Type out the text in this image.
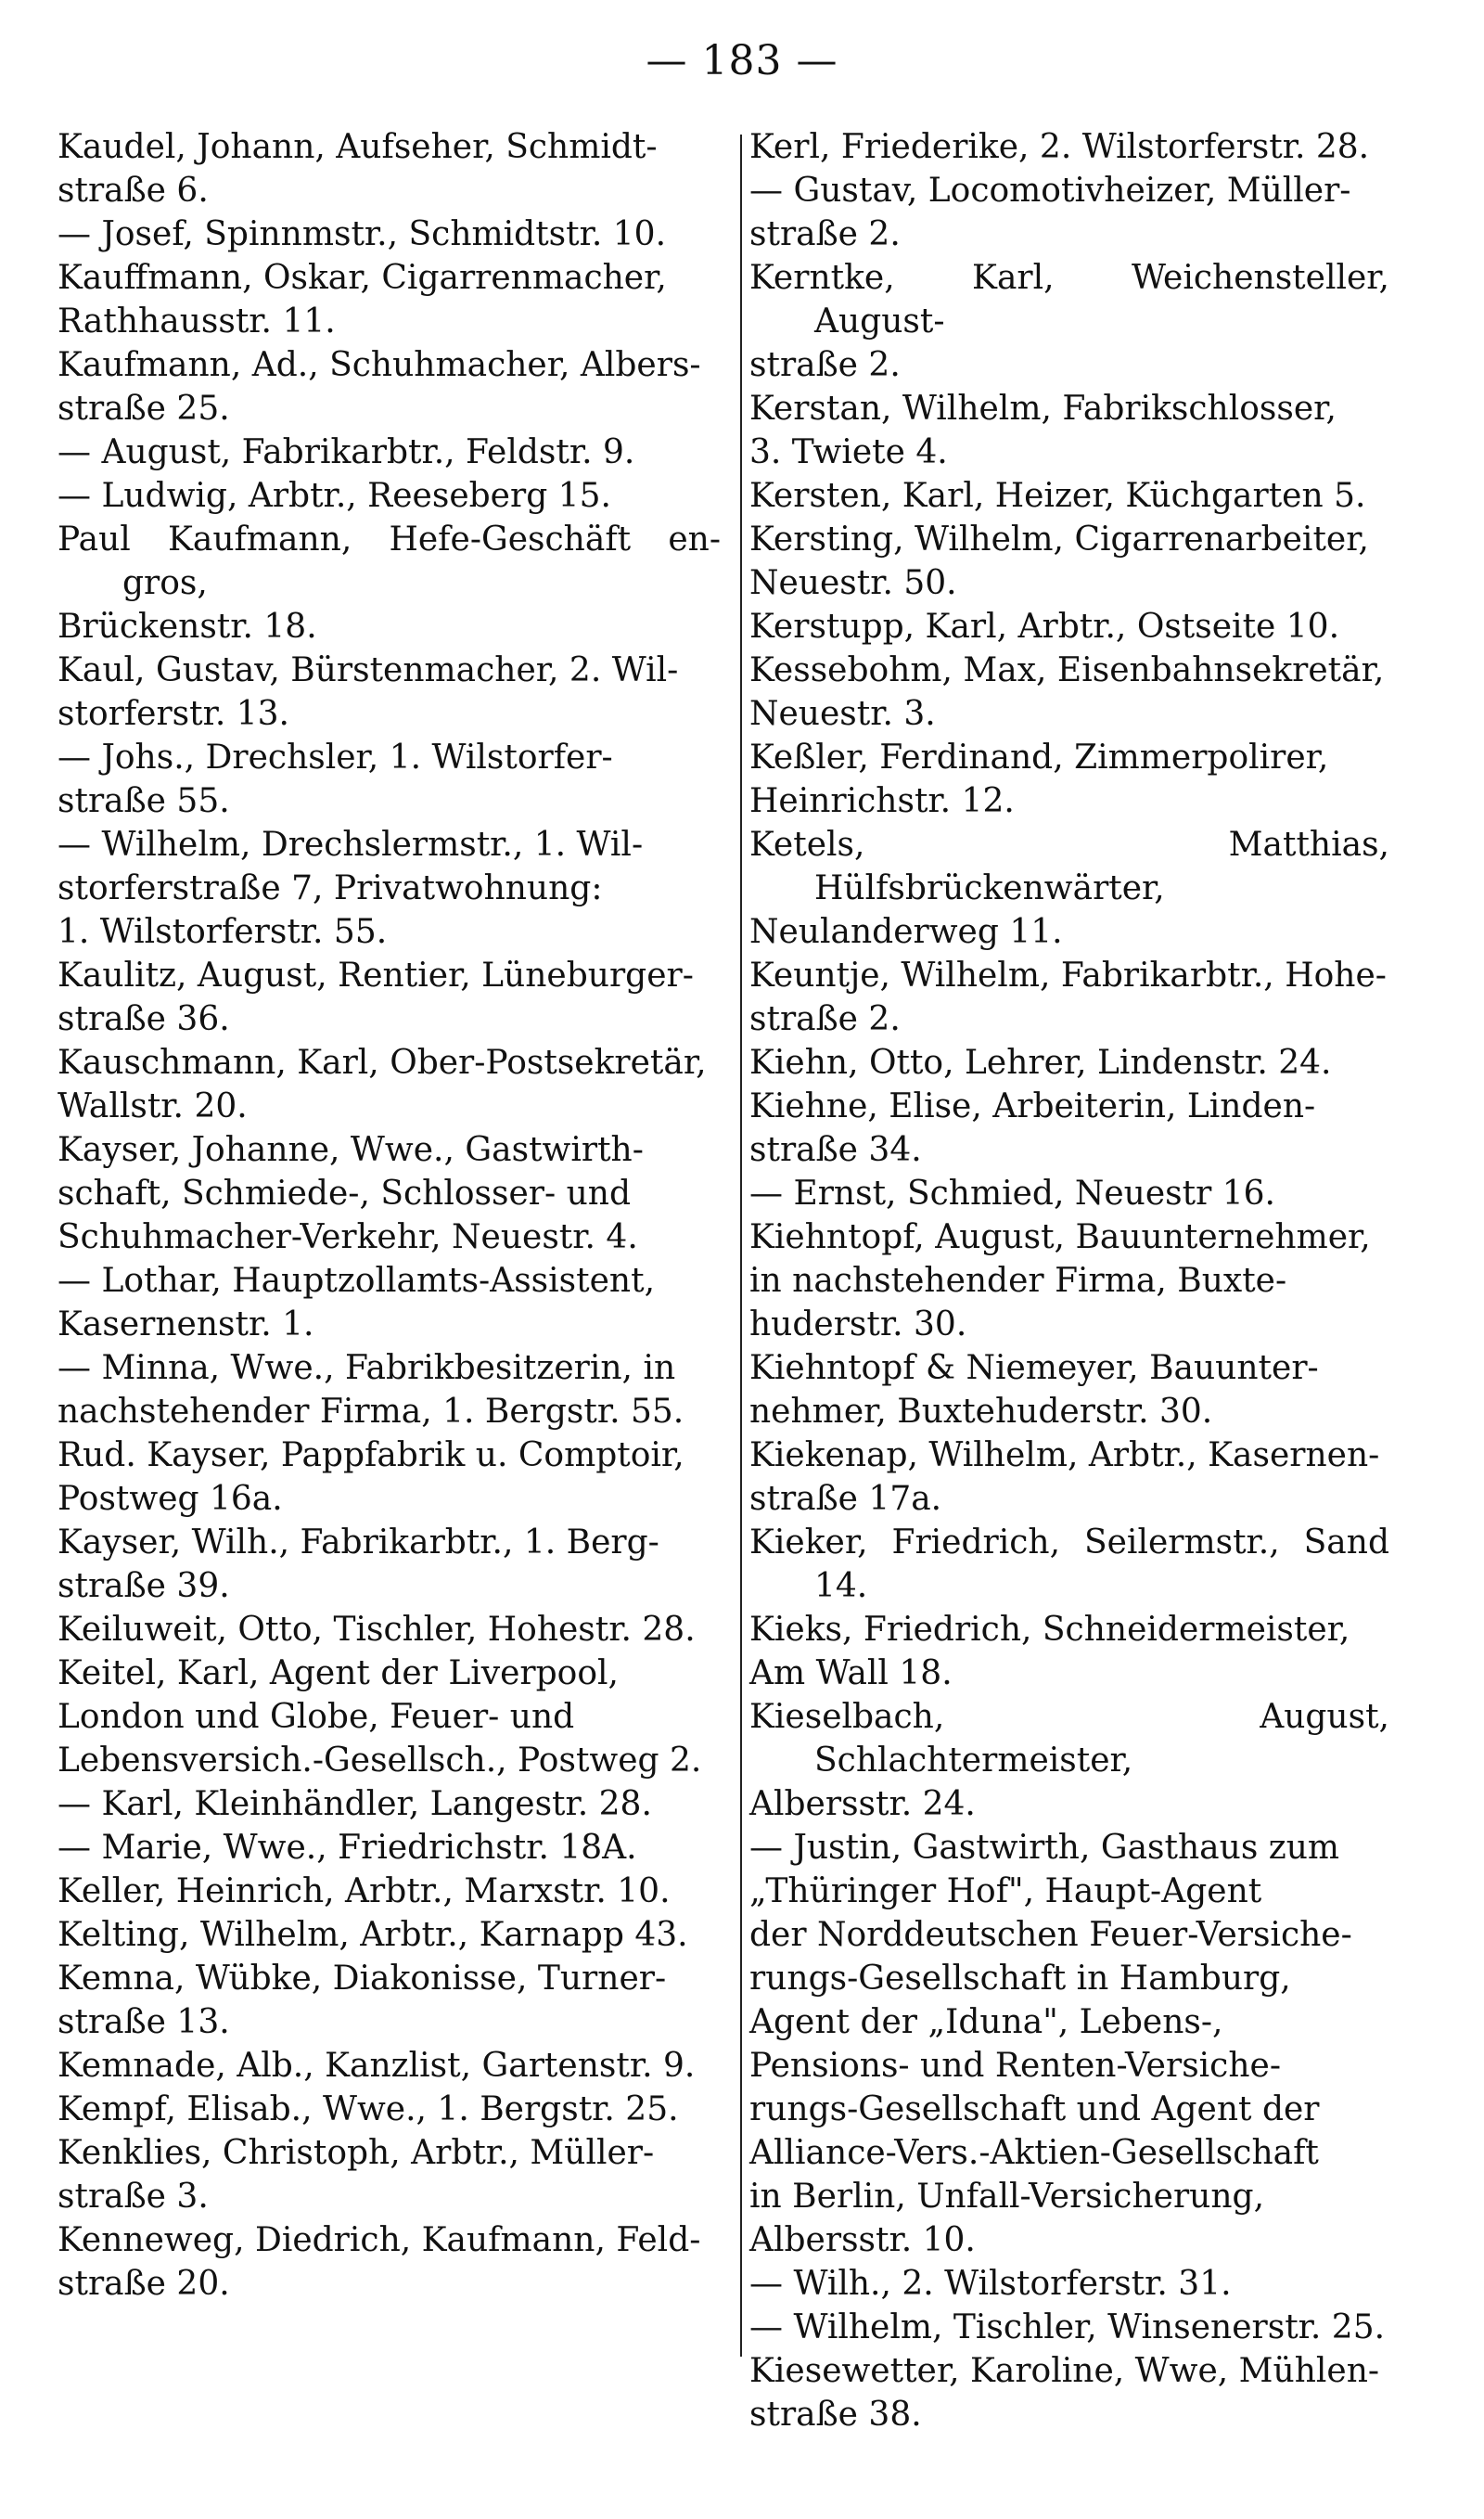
— 183 —

Kaudel, Johann, Aufseher, Schmidt-
straße 6.

— Josef, Spinnmstr., Schmidtstr. 10.

Kauffmann, Oskar, Cigarrenmacher,
Rathhausstr. 11.

Kaufmann, Ad., Schuhmacher, Albers-
straße 25.

— August, Fabrikarbtr., Feldstr. 9.

— Ludwig, Arbtr., Reeseberg 15.

Paul Kaufmann, Hefe-Geschäft en-gros,
Brückenstr. 18.

Kaul, Gustav, Bürstenmacher, 2. Wil-
storferstr. 13.

— Johs., Drechsler, 1. Wilstorfer-
straße 55.

— Wilhelm, Drechslermstr., 1. Wil-
storferstraße 7, Privatwohnung:
1. Wilstorferstr. 55.

Kaulitz, August, Rentier, Lüneburger-
straße 36.

Kauschmann, Karl, Ober-Postsekretär,
Wallstr. 20.

Kayser, Johanne, Wwe., Gastwirth-
schaft, Schmiede-, Schlosser- und
Schuhmacher-Verkehr, Neuestr. 4.

— Lothar, Hauptzollamts-Assistent,
Kasernenstr. 1.

— Minna, Wwe., Fabrikbesitzerin, in
nachstehender Firma, 1. Bergstr. 55.

Rud. Kayser, Pappfabrik u. Comptoir,
Postweg 16a.

Kayser, Wilh., Fabrikarbtr., 1. Berg-
straße 39.

Keiluweit, Otto, Tischler, Hohestr. 28.

Keitel, Karl, Agent der Liverpool,
London und Globe, Feuer- und
Lebensversich.-Gesellsch., Postweg 2.

— Karl, Kleinhändler, Langestr. 28.

— Marie, Wwe., Friedrichstr. 18A.

Keller, Heinrich, Arbtr., Marxstr. 10.

Kelting, Wilhelm, Arbtr., Karnapp 43.

Kemna, Wübke, Diakonisse, Turner-
straße 13.

Kemnade, Alb., Kanzlist, Gartenstr. 9.

Kempf, Elisab., Wwe., 1. Bergstr. 25.

Kenklies, Christoph, Arbtr., Müller-
straße 3.

Kenneweg, Diedrich, Kaufmann, Feld-
straße 20.

Kerl, Friederike, 2. Wilstorferstr. 28.

— Gustav, Locomotivheizer, Müller-
straße 2.

Kerntke, Karl, Weichensteller, August-
straße 2.

Kerstan, Wilhelm, Fabrikschlosser,
3. Twiete 4.

Kersten, Karl, Heizer, Küchgarten 5.

Kersting, Wilhelm, Cigarrenarbeiter,
Neuestr. 50.

Kerstupp, Karl, Arbtr., Ostseite 10.

Kessebohm, Max, Eisenbahnsekretär,
Neuestr. 3.

Keßler, Ferdinand, Zimmerpolirer,
Heinrichstr. 12.

Ketels, Matthias, Hülfsbrückenwärter,
Neulanderweg 11.

Keuntje, Wilhelm, Fabrikarbtr., Hohe-
straße 2.

Kiehn, Otto, Lehrer, Lindenstr. 24.

Kiehne, Elise, Arbeiterin, Linden-
straße 34.

— Ernst, Schmied, Neuestr 16.

Kiehntopf, August, Bauunternehmer,
in nachstehender Firma, Buxte-
huderstr. 30.

Kiehntopf & Niemeyer, Bauunter-
nehmer, Buxtehuderstr. 30.

Kiekenap, Wilhelm, Arbtr., Kasernen-
straße 17a.

Kieker, Friedrich, Seilermstr., Sand 14.

Kieks, Friedrich, Schneidermeister,
Am Wall 18.

Kieselbach, August, Schlachtermeister,
Albersstr. 24.

— Justin, Gastwirth, Gasthaus zum
„Thüringer Hof", Haupt-Agent
der Norddeutschen Feuer-Versiche-
rungs-Gesellschaft in Hamburg,
Agent der „Iduna", Lebens-,
Pensions- und Renten-Versiche-
rungs-Gesellschaft und Agent der
Alliance-Vers.-Aktien-Gesellschaft
in Berlin, Unfall-Versicherung,
Albersstr. 10.

— Wilh., 2. Wilstorferstr. 31.

— Wilhelm, Tischler, Winsenerstr. 25.

Kiesewetter, Karoline, Wwe, Mühlen-
straße 38.
